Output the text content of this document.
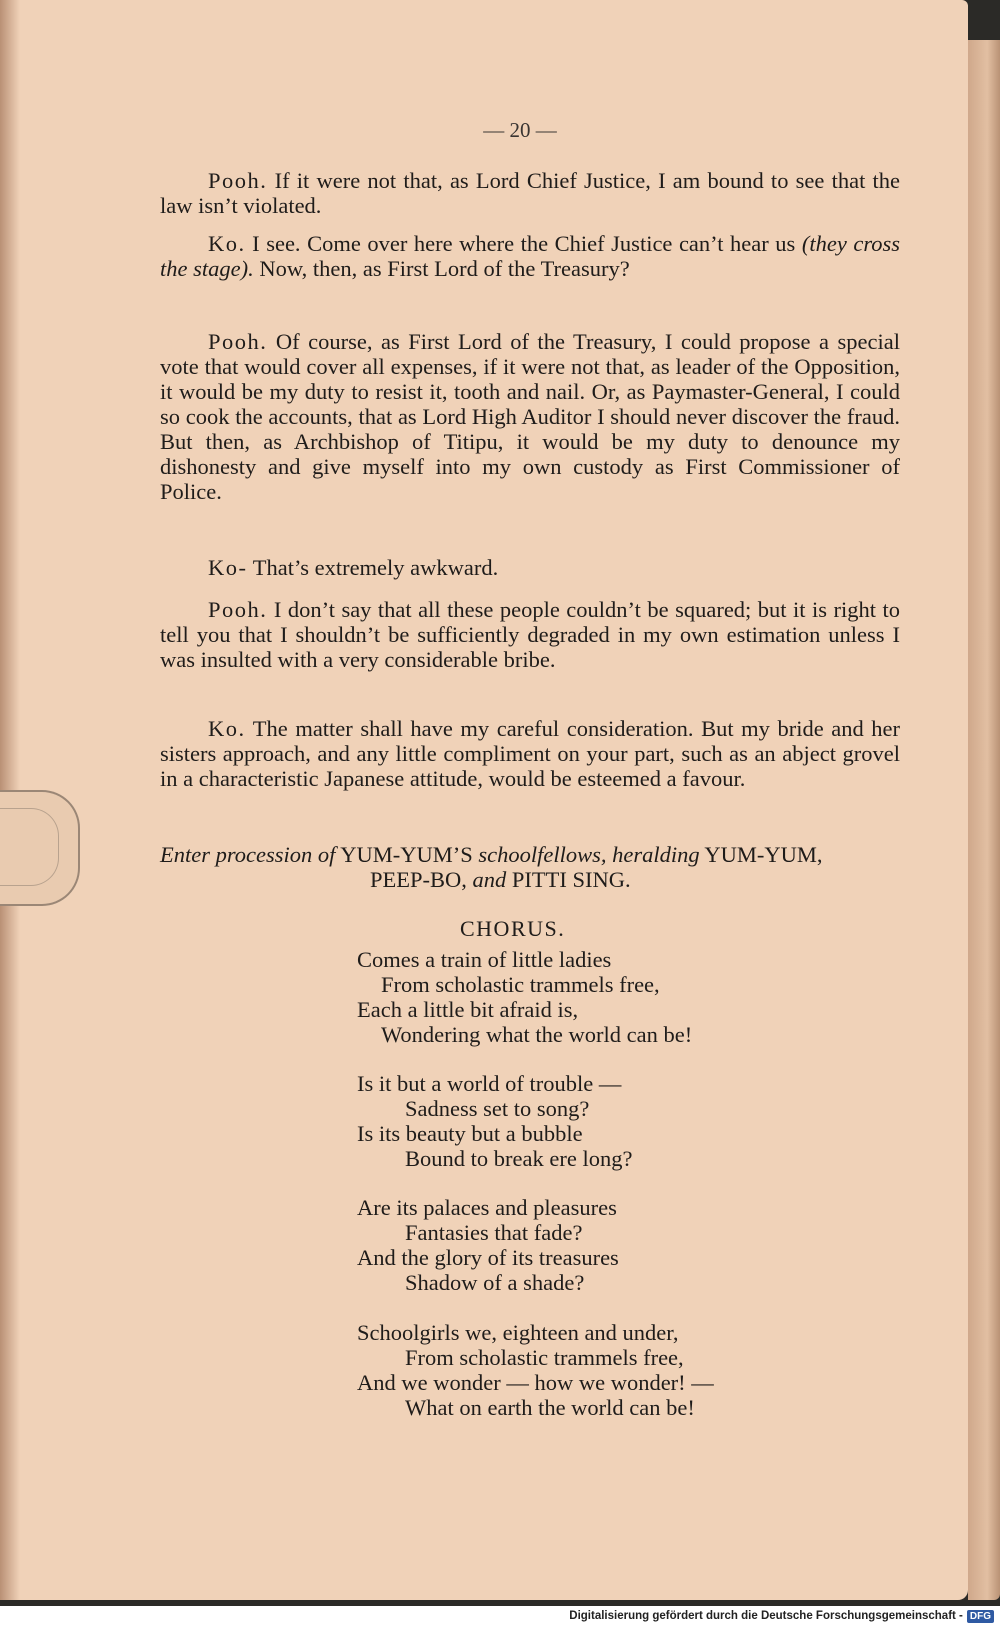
— 20 —

Pooh. If it were not that, as Lord Chief Justice, I am bound to see that the law isn’t violated.

Ko. I see. Come over here where the Chief Justice can’t hear us (they cross the stage). Now, then, as First Lord of the Treasury?

Pooh. Of course, as First Lord of the Treasury, I could propose a special vote that would cover all expenses, if it were not that, as leader of the Opposition, it would be my duty to resist it, tooth and nail. Or, as Paymaster-General, I could so cook the accounts, that as Lord High Auditor I should never discover the fraud. But then, as Archbishop of Titipu, it would be my duty to denounce my dishonesty and give myself into my own custody as First Commissioner of Police.

Ko- That’s extremely awkward.

Pooh. I don’t say that all these people couldn’t be squared; but it is right to tell you that I shouldn’t be sufficiently degraded in my own estimation unless I was insulted with a very considerable bribe.

Ko. The matter shall have my careful consideration. But my bride and her sisters approach, and any little compliment on your part, such as an abject grovel in a characteristic Japanese attitude, would be esteemed a favour.

Enter procession of YUM-YUM’S schoolfellows, heralding YUM-YUM,
PEEP-BO, and PITTI SING.
CHORUS.
Comes a train of little ladies
From scholastic trammels free,
Each a little bit afraid is,
Wondering what the world can be!
Is it but a world of trouble —
Sadness set to song?
Is its beauty but a bubble
Bound to break ere long?
Are its palaces and pleasures
Fantasies that fade?
And the glory of its treasures
Shadow of a shade?
Schoolgirls we, eighteen and under,
From scholastic trammels free,
And we wonder — how we wonder! —
What on earth the world can be!
Digitalisierung gefördert durch die Deutsche Forschungsgemeinschaft - DFG
